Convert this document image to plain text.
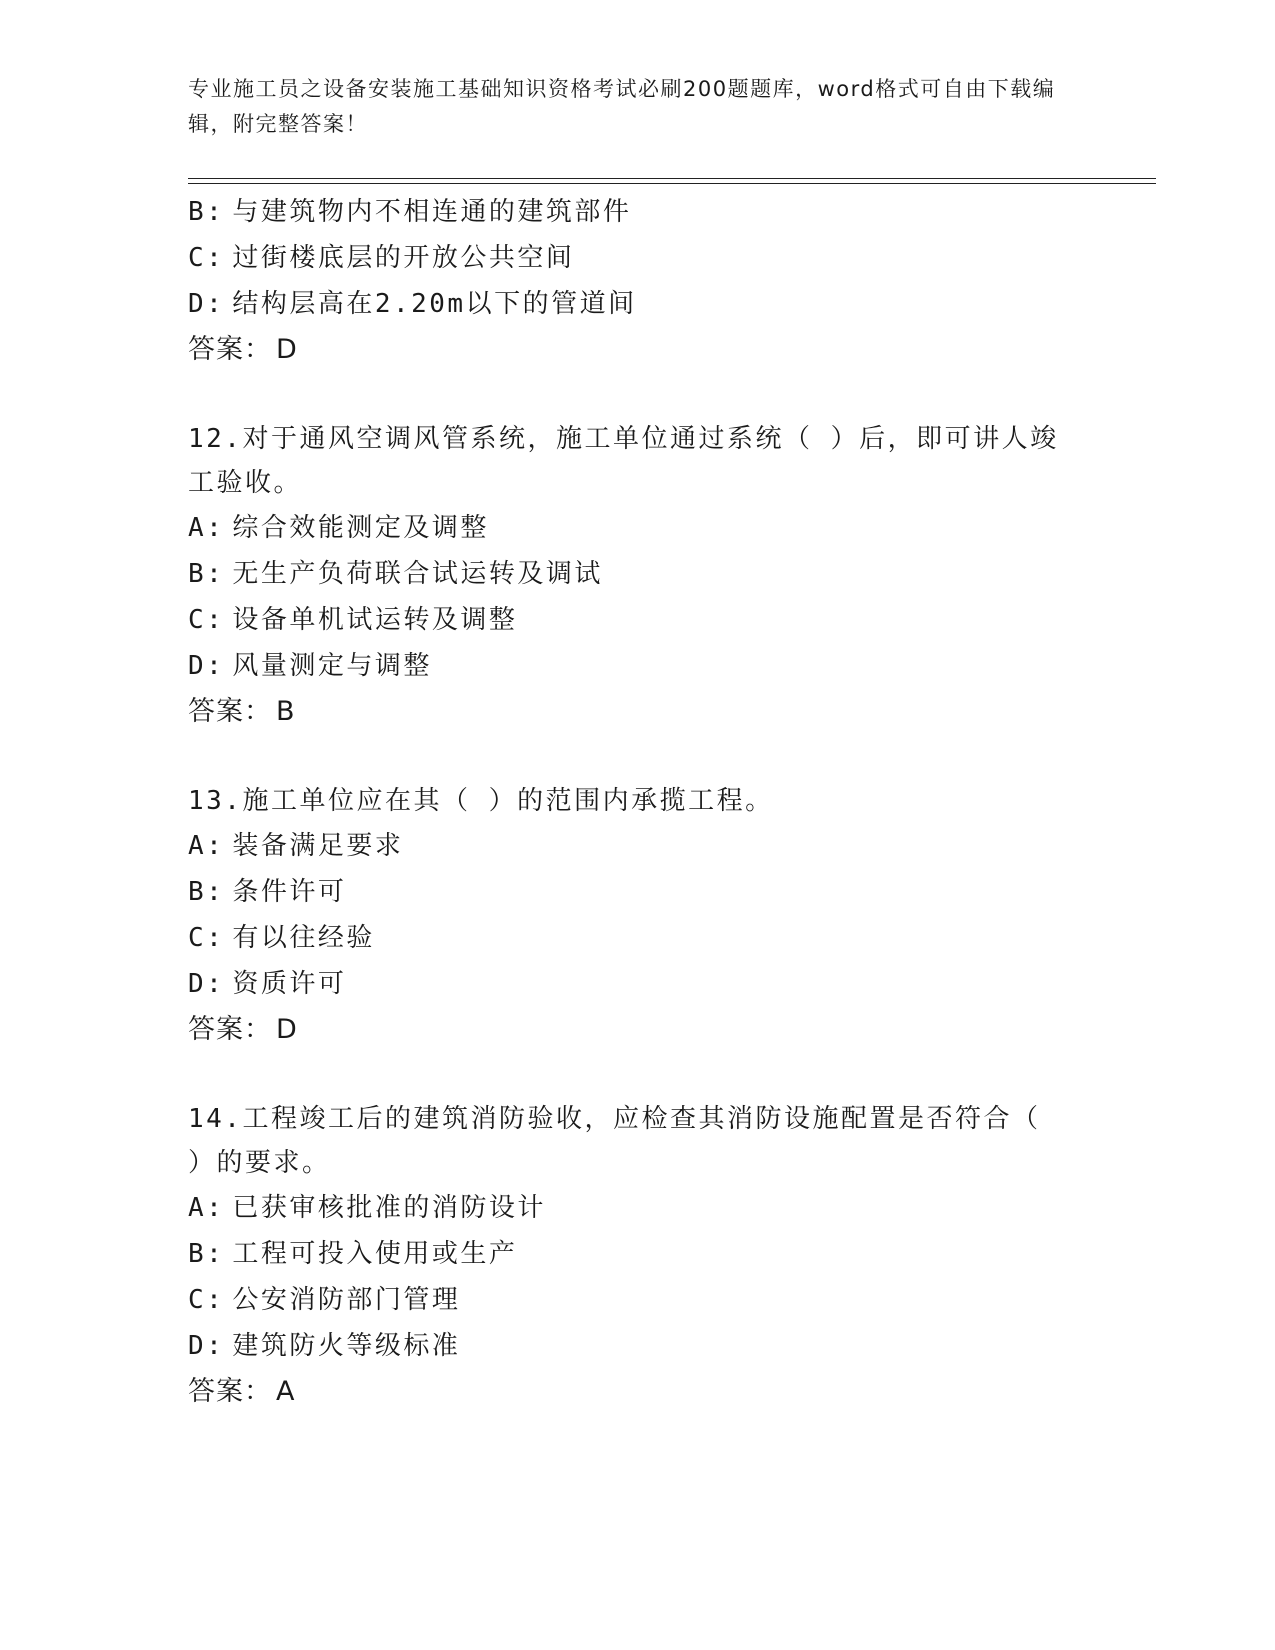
专业施工员之设备安装施工基础知识资格考试必刷200题题库，word格式可自由下载编辑，附完整答案！
B: 与建筑物内不相连通的建筑部件
C: 过街楼底层的开放公共空间
D: 结构层高在2.20m以下的管道间
答案： D
12.对于通风空调风管系统，施工单位通过系统（ ）后，即可讲人竣工验收。
A: 综合效能测定及调整
B: 无生产负荷联合试运转及调试
C: 设备单机试运转及调整
D: 风量测定与调整
答案： B
13.施工单位应在其（ ）的范围内承揽工程。
A: 装备满足要求
B: 条件许可
C: 有以往经验
D: 资质许可
答案： D
14.工程竣工后的建筑消防验收，应检查其消防设施配置是否符合（ ）的要求。
A: 已获审核批准的消防设计
B: 工程可投入使用或生产
C: 公安消防部门管理
D: 建筑防火等级标准
答案： A
